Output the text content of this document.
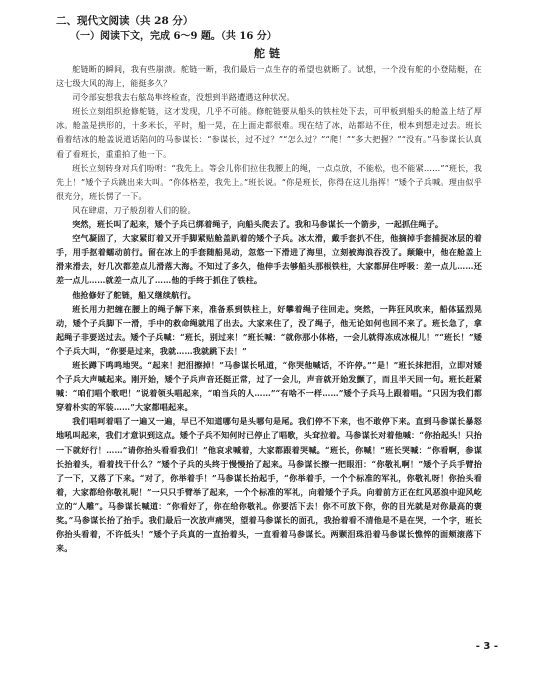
二、现代文阅读（共 28 分）

（一）阅读下文，完成 6～9 题。（共 16 分）

舵链

舵链断的瞬间，我有些崩溃。舵链一断，我们最后一点生存的希望也就断了。试想，一个没有舵的小登陆艇，在这七级大风的海上，能挺多久？

司令部妄想我去右舷岛隼终检查，没想到半路遭遇这种状况。

班长立刻组织抢修舵链，这才发现，几乎不可能。修舵链要从船头的铁柱处下去，可甲板到船头的舱盖上结了厚冰。舱盖是拱形的，十多米长，平时，船一晃，在上面走都很难。现在结了冰，站都站不住，根本到想走过去。班长看着结冰的舱盖说道话陷问的马参谋长：“参谋长，过不过？”“怎么过？”“爬！”“多大把握？”“没有。”马参谋长认真看了看班长，重重拍了他一下。

班长立刻转身对兵们吩咐：“我先上。等会儿你们拉住我腰上的绳，一点点放，不能松，也不能紧……”“班长，我先上！”矮个子兵跳出来大叫。“你体格差，我先上。”班长说。“你是班长，你得在这儿指挥！”矮个子兵喊。理由似乎很充分，班长愣了一下。

风在肆虐，刀子般刮着人们的脸。

突然，班长叫了起来，矮个子兵已绑着绳子，向船头爬去了。我和马参谋长一个箭步，一起抓住绳子。

空气凝固了，大家紧盯着又开手脚紧贴舱盖趴着的矮个子兵。冰太滑，戴手套扒不住，他摘掉手套捕捉冰层的着手，用手抠着蠕动前行。留在冰上的手套随船晃动，忽悠一下滑进了海里，立刻被海浪吞没了。颠簸中，他在舱盖上滑来滑去，好几次都差点儿滑落大海。不知过了多久，他伸手去够船头那根铁柱，大家都屏住呼吸：差一点儿……还差一点儿……就差一点儿了……他的手终于抓住了铁柱。

他抢修好了舵链，船又继续航行。

班长用力把缠在腰上的绳子解下来，准备系到铁柱上，好攀着绳子往回走。突然，一阵狂风吹来，船体猛烈晃动，矮个子兵脚下一滑，手中的救命绳就甩了出去。大家来住了，没了绳子，他无论如何也回不来了。班长急了，拿起绳子非要送过去。矮个子兵喊：“班长，别过来！”班长喊：“就你那小体格，一会儿就得冻成冰棍儿！”“班长！”矮个子兵大叫，“你要是过来，我就……我就跳下去！”

班长蹲下鸣鸣地哭。“起来！把泪擦掉！”马参谋长吼道，“你哭他喊话，不许停。”“是！”班长抹把泪，立即对矮个子兵大声喊起来。刚开始，矮个子兵声音还挺正常，过了一会儿，声音就开始发颤了，而且半天回一句。班长赶紧喊：“咱们唱个歌吧！”说着领头唱起来，“咱当兵的人……”“有啥不一样……”矮个子兵马上跟着唱。“只因为我们都穿着朴实的军装……”大家都唱起来。

我们唱呵着唱了一遍又一遍，早已不知道哪句是头哪句是尾。我们停不下来，也不敢停下来。直到马参谋长暴怒地吼叫起来，我们才意识到这点。矮个子兵不知何时已停止了唱歌，头耷拉着。马参谋长对着他喊：“你抬起头！只抬一下就好行！……”请你抬头看看我们！”他哀求喊着，大家都跟着哭喊。“班长，你喊！”班长哭喊：“你看啊，参谋长抬着头，看着找干什么？”矮个子兵的头终于慢慢抬了起来。马参谋长擦一把眼泪：“你敬礼啊！”矮个子兵手臂抬了一下，又落了下来。“对了，你举着手！”马参谋长抬起手，“你举着手，一个个标准的军礼，你敬礼呀！你抬头看着，大家都给你敬礼呢！”一只只手臂举了起来，一个个标准的军礼，向着矮个子兵。向着前方正在红风恶浪中迎风屹立的“人雕”。马参谋长喊道：“你看好了，你在给你敬礼。你要活下去！你不可放下你，你的目光就是对你最高的褒奖。”马参谋长抬了抬手。我们最后一次放声痛哭，望着马参谋长的面孔，我抬着看不清他是不是在哭，一个字，班长你抬头看着，不许低头！”矮个子兵真的一直抬着头，一直看着马参谋长。两颗泪珠沿着马参谋长憔悴的面颊滚落下来。

- 3 -
